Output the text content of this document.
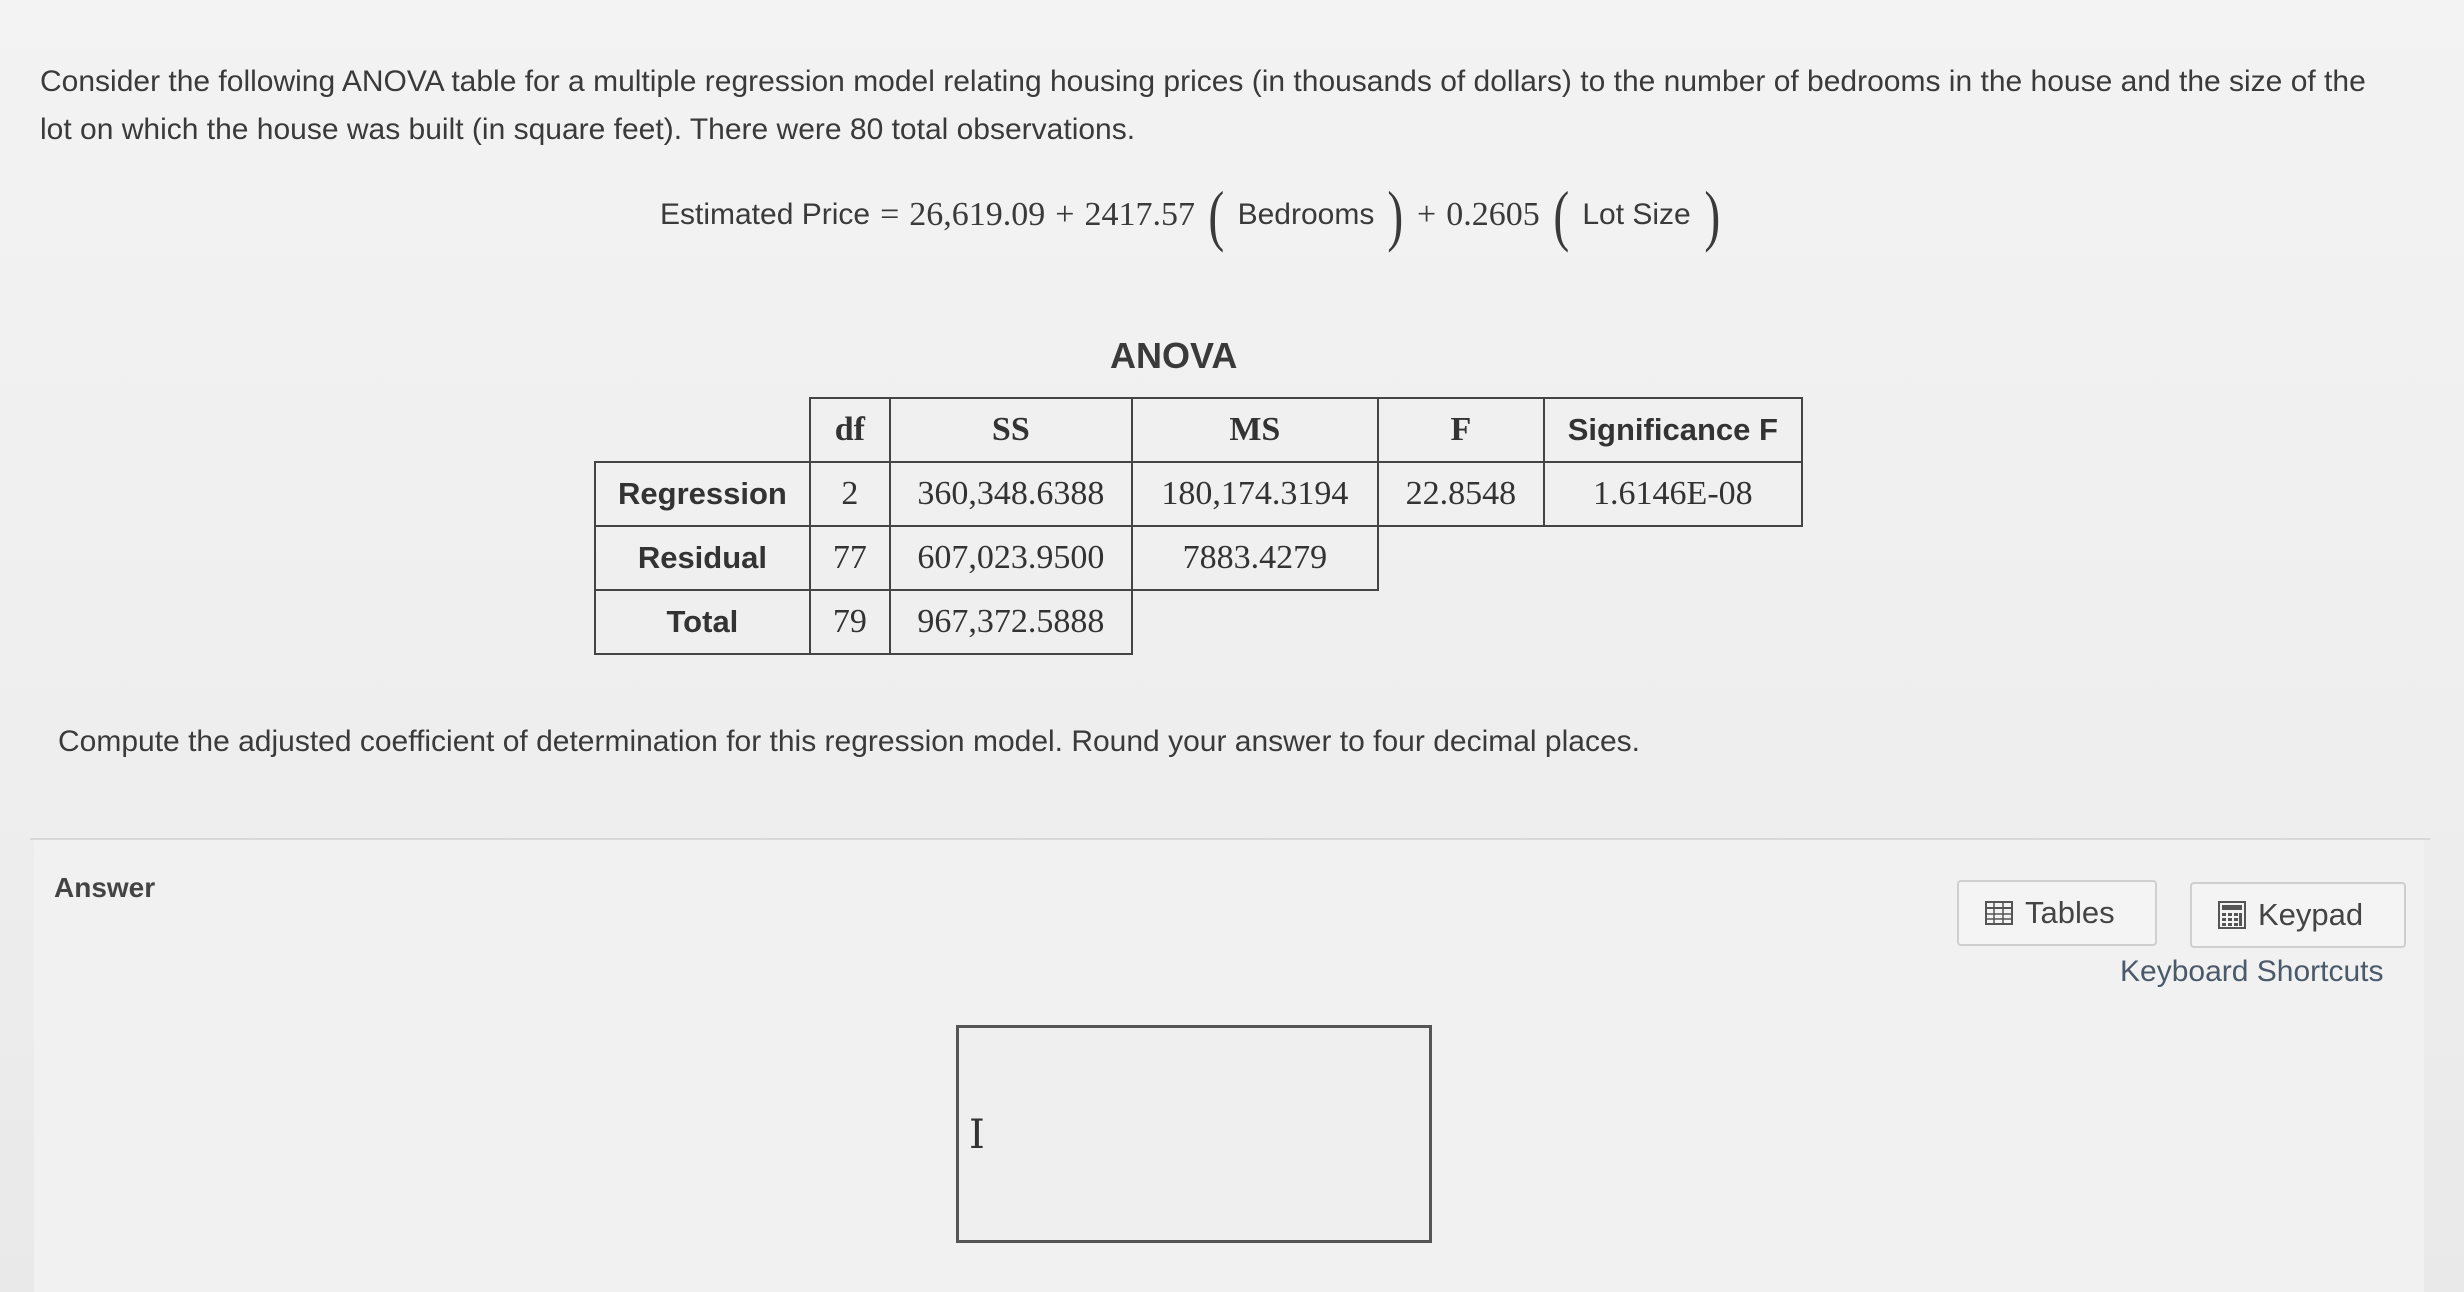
Consider the following ANOVA table for a multiple regression model relating housing prices (in thousands of dollars) to the number of bedrooms in the house and the size of the lot on which the house was built (in square feet). There were 80 total observations.
Estimated Price = 26,619.09 + 2417.57 ( Bedrooms ) + 0.2605 ( Lot Size )
ANOVA
	df	SS	MS	F	Significance F
Regression	2	360,348.6388	180,174.3194	22.8548	1.6146E-08
Residual	77	607,023.9500	7883.4279		
Total	79	967,372.5888			
Compute the adjusted coefficient of determination for this regression model. Round your answer to four decimal places.
Answer
I
Tables	Keypad
Keyboard Shortcuts
